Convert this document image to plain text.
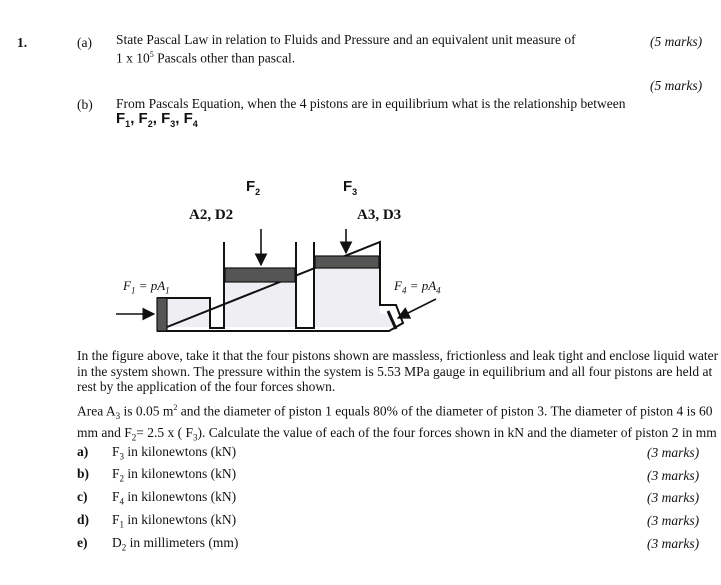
1.	(a) State Pascal Law in relation to Fluids and Pressure and an equivalent unit measure of
1 x $10^5$ Pascals other than pascal.
(5 marks)
(5 marks)
(b) From Pascals Equation, when the 4 pistons are in equilibrium what is the relationship between
$F_1$, $F_2$, $F_3$, $F_4$
$F_2$	$F_3$
A2, D2	A3, D3
$F_1 = pA_1$	$F_4 = pA_4$
In the figure above, take it that the four pistons shown are massless, frictionless and leak tight and enclose liquid water in the system shown. The pressure within the system is 5.53 MPa gauge in equilibrium and all four pistons are held at rest by the application of the four forces shown.
Area $A_3$ is 0.05 $m^2$ and the diameter of piston 1 equals 80% of the diameter of piston 3. The diameter of piston 4 is 60 mm and $F_2= 2.5$ x ( $F_3$). Calculate the value of each of the four forces shown in kN and the diameter of piston 2 in mm
a) $F_3$ in kilonewtons (kN)	(3 marks)
b) $F_2$ in kilonewtons (kN)	(3 marks)
c) $F_4$ in kilonewtons (kN)	(3 marks)
d) $F_1$ in kilonewtons (kN)	(3 marks)
e) $D_2$ in millimeters (mm)	(3 marks)
